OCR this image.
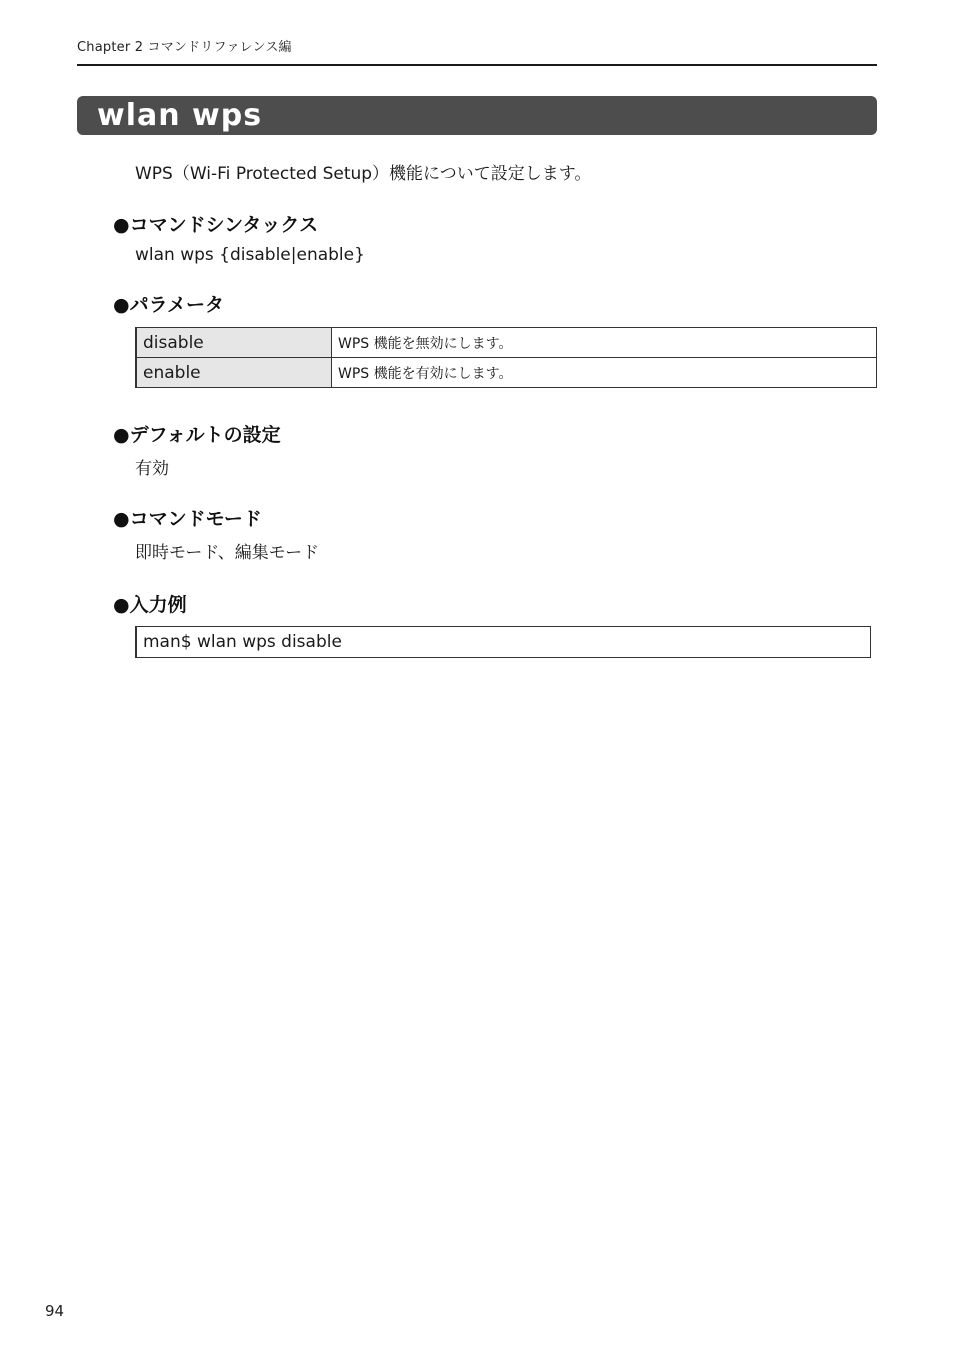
Chapter 2 コマンドリファレンス編
wlan wps
WPS（Wi-Fi Protected Setup）機能について設定します。
●コマンドシンタックス
wlan wps {disable|enable}
●パラメータ
disable	WPS 機能を無効にします。
enable	WPS 機能を有効にします。
●デフォルトの設定
有効
●コマンドモード
即時モード、編集モード
●入力例
man$ wlan wps disable
94
